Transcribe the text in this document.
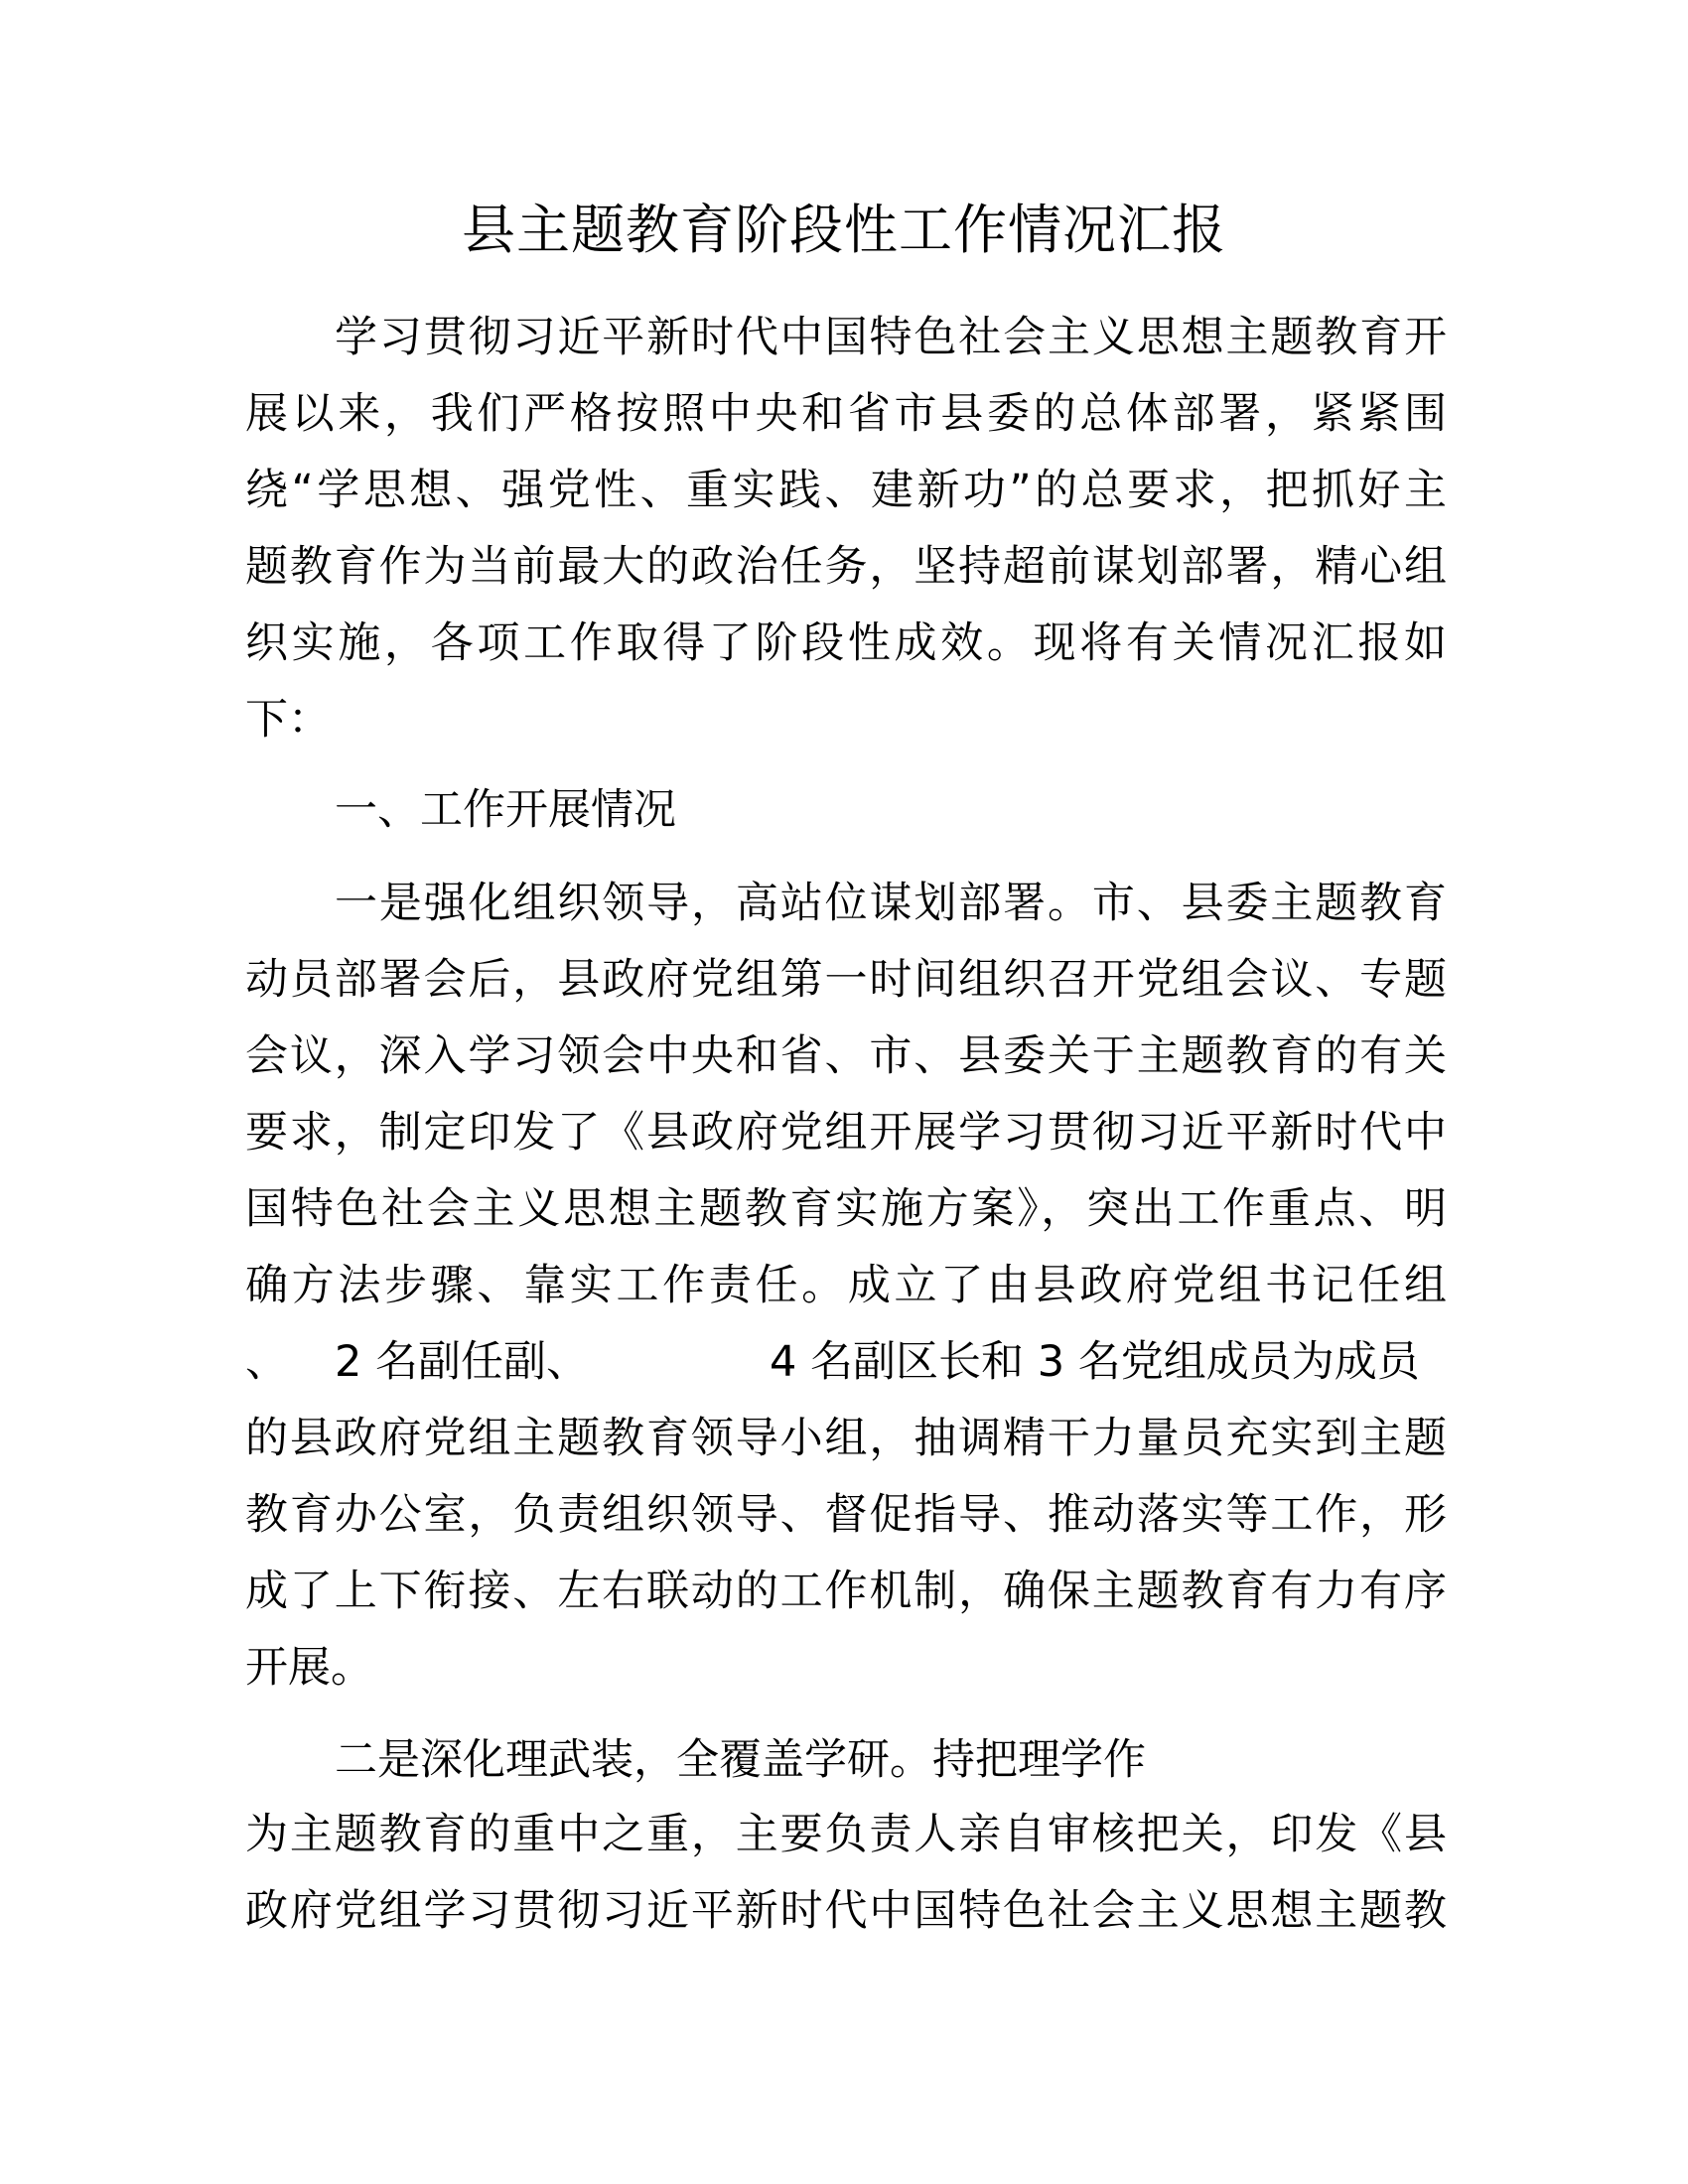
县主题教育阶段性工作情况汇报
学习贯彻习近平新时代中国特色社会主义思想主题教育开
展以来，我们严格按照中央和省市县委的总体部署，紧紧围
绕“学思想、强党性、重实践、建新功”的总要求，把抓好主
题教育作为当前最大的政治任务，坚持超前谋划部署，精心组
织实施，各项工作取得了阶段性成效。现将有关情况汇报如
下：
一、工作开展情况
一是强化组织领导，高站位谋划部署。市、县委主题教育
动员部署会后，县政府党组第一时间组织召开党组会议、专题
会议，深入学习领会中央和省、市、县委关于主题教育的有关
要求，制定印发了《县政府党组开展学习贯彻习近平新时代中
国特色社会主义思想主题教育实施方案》，突出工作重点、明
确方法步骤、靠实工作责任。成立了由县政府党组书记任组
、 2 名副任副、	4 名副区长和 3 名党组成员为成员
的县政府党组主题教育领导小组，抽调精干力量员充实到主题
教育办公室，负责组织领导、督促指导、推动落实等工作，形
成了上下衔接、左右联动的工作机制，确保主题教育有力有序
开展。
二是深化理武装，全覆盖学研。持把理学作
为主题教育的重中之重，主要负责人亲自审核把关，印发《县
政府党组学习贯彻习近平新时代中国特色社会主义思想主题教
